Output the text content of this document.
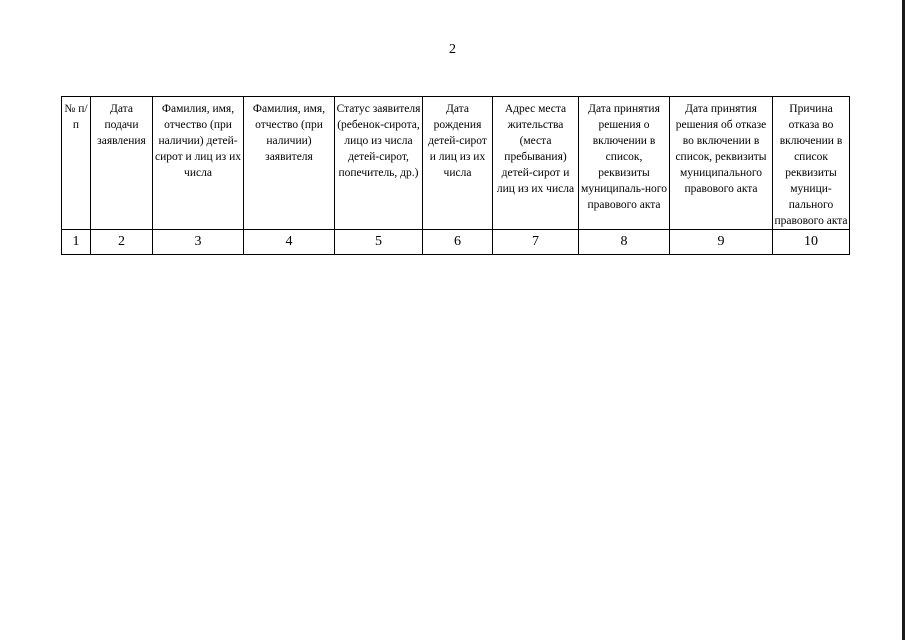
2
№ п/п	Дата подачи заявления	Фамилия, имя, отчество (при наличии) детей-сирот и лиц из их числа	Фамилия, имя, отчество (при наличии) заявителя	Статус заявителя (ребенок-сирота, лицо из числа детей-сирот, попечитель, др.)	Дата рождения детей-сирот и лиц из их числа	Адрес места жительства (места пребывания) детей-сирот и лиц из их числа	Дата принятия решения о включении в список, реквизиты муниципаль-ного правового акта	Дата принятия решения об отказе во включении в список, реквизиты муниципального правового акта	Причина отказа во включении в список реквизиты муници-пального правового акта
1	2	3	4	5	6	7	8	9	10
